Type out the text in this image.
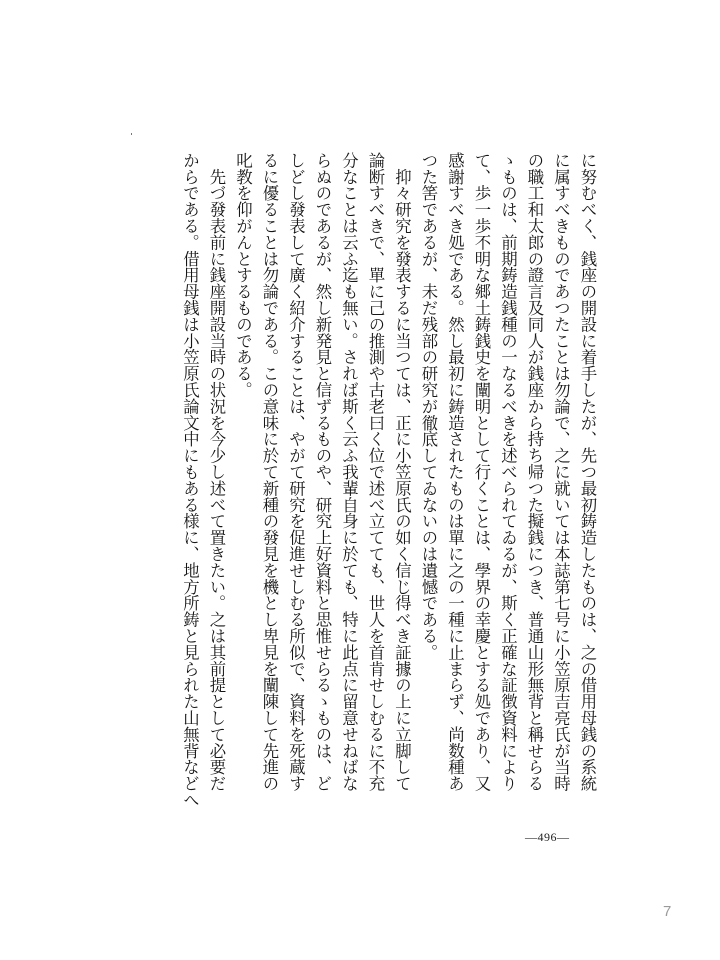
に努むべく、銭座の開設に着手したが、先つ最初鋳造したものは、之の借用母銭の系統
に属すべきものであつたことは勿論で、之に就いては本誌第七号に小笠原吉亮氏が当時
の職工和太郎の證言及同人が銭座から持ち帰つた擬銭につき、普通山形無背と稱せらる
ゝものは、前期鋳造銭種の一なるべきを述べられてゐるが、斯く正確な証徴資料により
て、歩一歩不明な郷土鋳銭史を闡明として行くことは、學界の幸慶とする処であり、又
感謝すべき処である。然し最初に鋳造されたものは單に之の一種に止まらず、尚数種あ
つた筈であるが、未だ残部の研究が徹底してゐないのは遺憾である。
　抑々研究を發表するに当つては、正に小笠原氏の如く信じ得べき証據の上に立脚して
論断すべきで、單に己の推測や古老曰く位で述べ立てても、世人を首肯せしむるに不充
分なことは云ふ迄も無い。されば斯く云ふ我輩自身に於ても、特に此点に留意せねばな
らぬのであるが、然し新発見と信ずるものや、研究上好資料と思惟せらるゝものは、ど
しどし發表して廣く紹介することは、やがて研究を促進せしむる所似で、資料を死蔵す
るに優ることは勿論である。この意味に於て新種の發見を機とし卑見を闡陳して先進の
叱教を仰がんとするものである。
　先づ發表前に銭座開設当時の状況を今少し述べて置きたい。之は其前提として必要だ
からである。借用母銭は小笠原氏論文中にもある様に、地方所鋳と見られた山無背などへ
—496—
7
